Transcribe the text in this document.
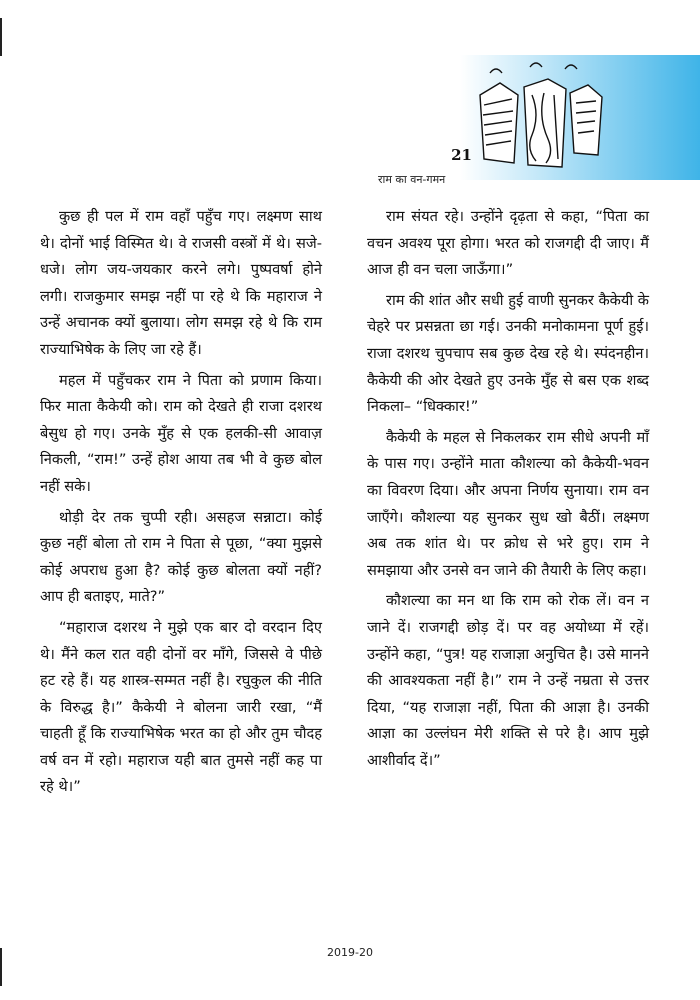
21
राम का वन-गमन

कुछ ही पल में राम वहाँ पहुँच गए। लक्ष्मण साथ थे। दोनों भाई विस्मित थे। वे राजसी वस्त्रों में थे। सजे-धजे। लोग जय-जयकार करने लगे। पुष्पवर्षा होने लगी। राजकुमार समझ नहीं पा रहे थे कि महाराज ने उन्हें अचानक क्यों बुलाया। लोग समझ रहे थे कि राम राज्याभिषेक के लिए जा रहे हैं।

महल में पहुँचकर राम ने पिता को प्रणाम किया। फिर माता कैकेयी को। राम को देखते ही राजा दशरथ बेसुध हो गए। उनके मुँह से एक हलकी-सी आवाज़ निकली, “राम!” उन्हें होश आया तब भी वे कुछ बोल नहीं सके।

थोड़ी देर तक चुप्पी रही। असहज सन्नाटा। कोई कुछ नहीं बोला तो राम ने पिता से पूछा, “क्या मुझसे कोई अपराध हुआ है? कोई कुछ बोलता क्यों नहीं? आप ही बताइए, माते?”

“महाराज दशरथ ने मुझे एक बार दो वरदान दिए थे। मैंने कल रात वही दोनों वर माँगे, जिससे वे पीछे हट रहे हैं। यह शास्त्र-सम्मत नहीं है। रघुकुल की नीति के विरुद्ध है।” कैकेयी ने बोलना जारी रखा, “मैं चाहती हूँ कि राज्याभिषेक भरत का हो और तुम चौदह वर्ष वन में रहो। महाराज यही बात तुमसे नहीं कह पा रहे थे।”

राम संयत रहे। उन्होंने दृढ़ता से कहा, “पिता का वचन अवश्य पूरा होगा। भरत को राजगद्दी दी जाए। मैं आज ही वन चला जाऊँगा।”

राम की शांत और सधी हुई वाणी सुनकर कैकेयी के चेहरे पर प्रसन्नता छा गई। उनकी मनोकामना पूर्ण हुई। राजा दशरथ चुपचाप सब कुछ देख रहे थे। स्पंदनहीन। कैकेयी की ओर देखते हुए उनके मुँह से बस एक शब्द निकला– “धिक्कार!”

कैकेयी के महल से निकलकर राम सीधे अपनी माँ के पास गए। उन्होंने माता कौशल्या को कैकेयी-भवन का विवरण दिया। और अपना निर्णय सुनाया। राम वन जाएँगे। कौशल्या यह सुनकर सुध खो बैठीं। लक्ष्मण अब तक शांत थे। पर क्रोध से भरे हुए। राम ने समझाया और उनसे वन जाने की तैयारी के लिए कहा।

कौशल्या का मन था कि राम को रोक लें। वन न जाने दें। राजगद्दी छोड़ दें। पर वह अयोध्या में रहें। उन्होंने कहा, “पुत्र! यह राजाज्ञा अनुचित है। उसे मानने की आवश्यकता नहीं है।” राम ने उन्हें नम्रता से उत्तर दिया, “यह राजाज्ञा नहीं, पिता की आज्ञा है। उनकी आज्ञा का उल्लंघन मेरी शक्ति से परे है। आप मुझे आशीर्वाद दें।”

2019-20
